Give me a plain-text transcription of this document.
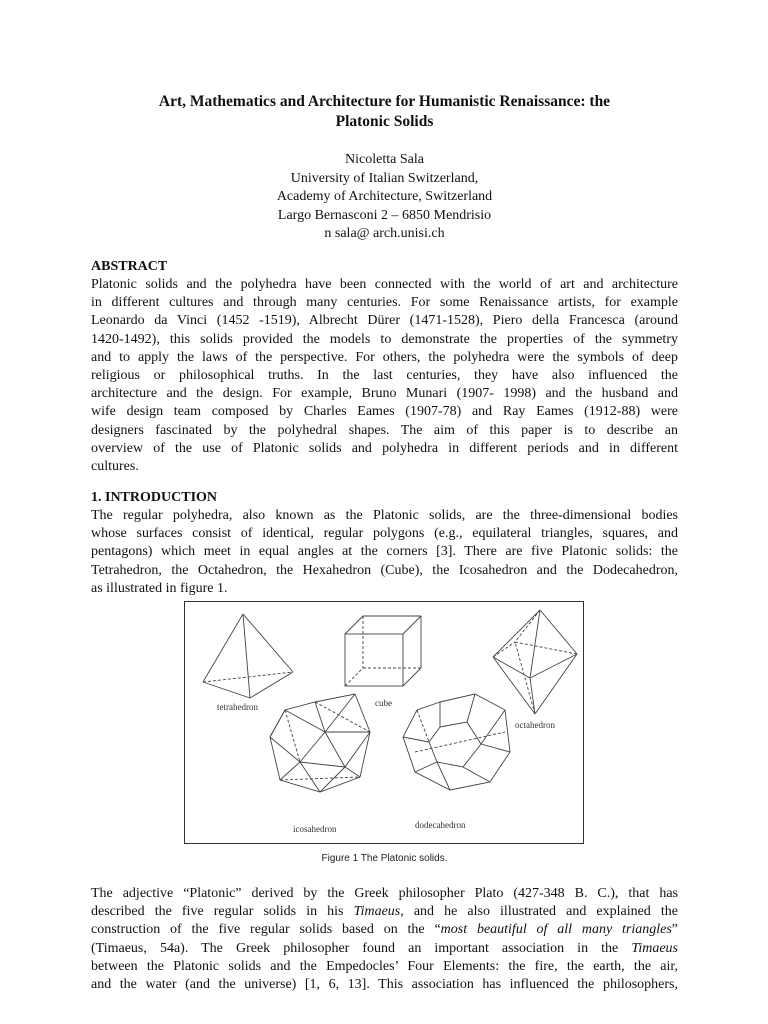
Art, Mathematics and Architecture for Humanistic Renaissance: the
Platonic Solids
Nicoletta Sala
University of Italian Switzerland,
Academy of Architecture, Switzerland
Largo Bernasconi 2 – 6850 Mendrisio
n sala@ arch.unisi.ch
ABSTRACT
Platonic solids and the polyhedra have been connected with the world of art and architecture
in different cultures and through many centuries. For some Renaissance artists, for example
Leonardo da Vinci (1452 -1519), Albrecht Dürer (1471-1528), Piero della Francesca (around
1420-1492), this solids provided the models to demonstrate the properties of the symmetry
and to apply the laws of the perspective. For others, the polyhedra were the symbols of deep
religious or philosophical truths. In the last centuries, they have also influenced the
architecture and the design. For example, Bruno Munari (1907- 1998) and the husband and
wife design team composed by Charles Eames (1907-78) and Ray Eames (1912-88) were
designers fascinated by the polyhedral shapes. The aim of this paper is to describe an
overview of the use of Platonic solids and polyhedra in different periods and in different
cultures.
1. INTRODUCTION
The regular polyhedra, also known as the Platonic solids, are the three-dimensional bodies
whose surfaces consist of identical, regular polygons (e.g., equilateral triangles, squares, and
pentagons) which meet in equal angles at the corners [3]. There are five Platonic solids: the
Tetrahedron, the Octahedron, the Hexahedron (Cube), the Icosahedron and the Dodecahedron,
as illustrated in figure 1.
tetrahedron	cube
octahedron
icosahedron	dodecahedron
Figure 1 The Platonic solids.
The adjective “Platonic” derived by the Greek philosopher Plato (427-348 B. C.), that has
described the five regular solids in his Timaeus, and he also illustrated and explained the
construction of the five regular solids based on the “most beautiful of all many triangles”
(Timaeus, 54a). The Greek philosopher found an important association in the Timaeus
between the Platonic solids and the Empedocles’ Four Elements: the fire, the earth, the air,
and the water (and the universe) [1, 6, 13]. This association has influenced the philosophers,
